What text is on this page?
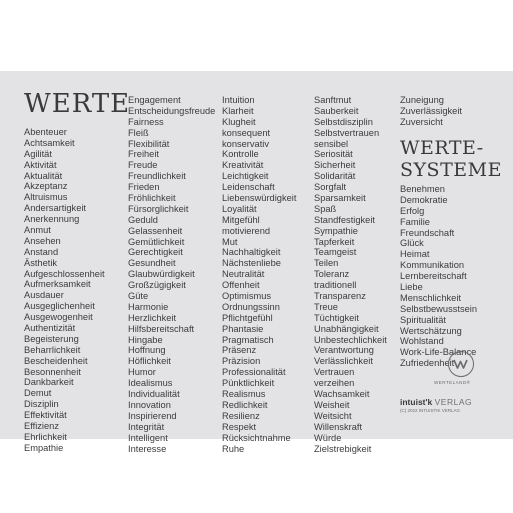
WERTE
Abenteuer
Achtsamkeit
Agilität
Aktivität
Aktualität
Akzeptanz
Altruismus
Andersartigkeit
Anerkennung
Anmut
Ansehen
Anstand
Ästhetik
Aufgeschlossenheit
Aufmerksamkeit
Ausdauer
Ausgeglichenheit
Ausgewogenheit
Authentizität
Begeisterung
Beharrlichkeit
Bescheidenheit
Besonnenheit
Dankbarkeit
Demut
Disziplin
Effektivität
Effizienz
Ehrlichkeit
Empathie
Engagement
Entscheidungsfreude
Fairness
Fleiß
Flexibilität
Freiheit
Freude
Freundlichkeit
Frieden
Fröhlichkeit
Fürsorglichkeit
Geduld
Gelassenheit
Gemütlichkeit
Gerechtigkeit
Gesundheit
Glaubwürdigkeit
Großzügigkeit
Güte
Harmonie
Herzlichkeit
Hilfsbereitschaft
Hingabe
Hoffnung
Höflichkeit
Humor
Idealismus
Individualität
Innovation
Inspirierend
Integrität
Intelligent
Interesse
Intuition
Klarheit
Klugheit
konsequent
konservativ
Kontrolle
Kreativität
Leichtigkeit
Leidenschaft
Liebenswürdigkeit
Loyalität
Mitgefühl
motivierend
Mut
Nachhaltigkeit
Nächstenliebe
Neutralität
Offenheit
Optimismus
Ordnungssinn
Pflichtgefühl
Phantasie
Pragmatisch
Präsenz
Präzision
Professionalität
Pünktlichkeit
Realismus
Redlichkeit
Resilienz
Respekt
Rücksichtnahme
Ruhe
Sanftmut
Sauberkeit
Selbstdisziplin
Selbstvertrauen
sensibel
Seriosität
Sicherheit
Solidarität
Sorgfalt
Sparsamkeit
Spaß
Standfestigkeit
Sympathie
Tapferkeit
Teamgeist
Teilen
Toleranz
traditionell
Transparenz
Treue
Tüchtigkeit
Unabhängigkeit
Unbestechlichkeit
Verantwortung
Verlässlichkeit
Vertrauen
verzeihen
Wachsamkeit
Weisheit
Weitsicht
Willenskraft
Würde
Zielstrebigkeit
Zuneigung
Zuverlässigkeit
Zuversicht
WERTE-
SYSTEME
Benehmen
Demokratie
Erfolg
Familie
Freundschaft
Glück
Heimat
Kommunikation
Lernbereitschaft
Liebe
Menschlichkeit
Selbstbewusstsein
Spiritualität
Wertschätzung
Wohlstand
Work-Life-Balance
Zufriedenheit
WERTELAND®
intuist'k VERLAG
(C) 2022 INTUISTIK VERLAG
